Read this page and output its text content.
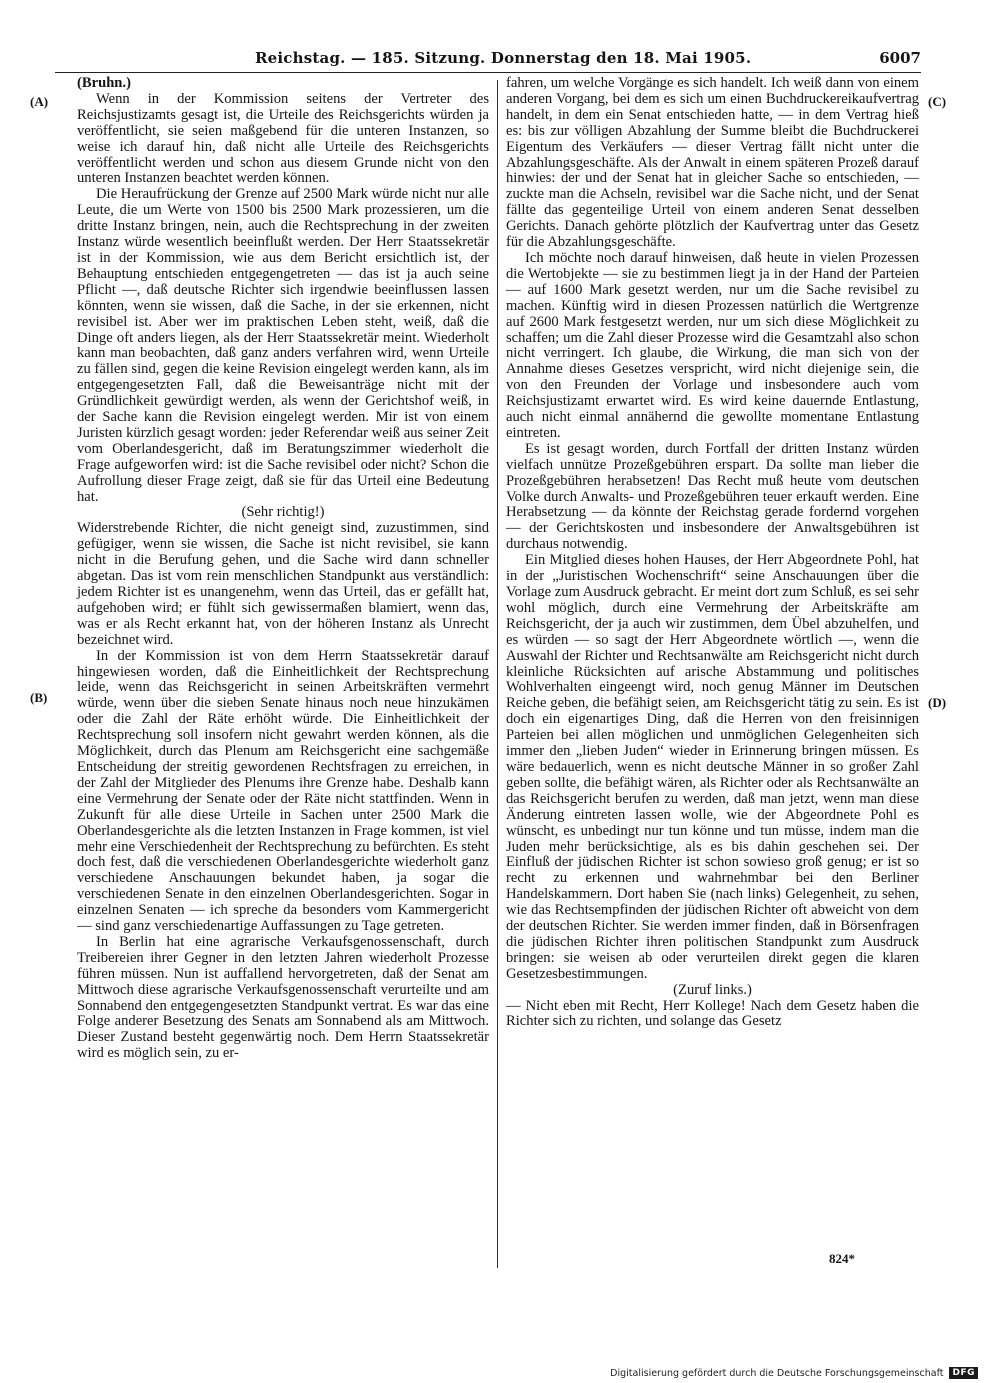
Reichstag. — 185. Sitzung. Donnerstag den 18. Mai 1905.	6007
(A)
(B)
(C)
(D)

(Bruhn.)

Wenn in der Kommission seitens der Vertreter des Reichsjustizamts gesagt ist, die Urteile des Reichsgerichts würden ja veröffentlicht, sie seien maßgebend für die unteren Instanzen, so weise ich darauf hin, daß nicht alle Urteile des Reichsgerichts veröffentlicht werden und schon aus diesem Grunde nicht von den unteren Instanzen beachtet werden können.

Die Heraufrückung der Grenze auf 2500 Mark würde nicht nur alle Leute, die um Werte von 1500 bis 2500 Mark prozessieren, um die dritte Instanz bringen, nein, auch die Rechtsprechung in der zweiten Instanz würde wesentlich beeinflußt werden. Der Herr Staatssekretär ist in der Kommission, wie aus dem Bericht ersichtlich ist, der Behauptung entschieden entgegengetreten — das ist ja auch seine Pflicht —, daß deutsche Richter sich irgendwie beeinflussen lassen könnten, wenn sie wissen, daß die Sache, in der sie erkennen, nicht revisibel ist. Aber wer im praktischen Leben steht, weiß, daß die Dinge oft anders liegen, als der Herr Staatssekretär meint. Wiederholt kann man beobachten, daß ganz anders verfahren wird, wenn Urteile zu fällen sind, gegen die keine Revision eingelegt werden kann, als im entgegengesetzten Fall, daß die Beweisanträge nicht mit der Gründlichkeit gewürdigt werden, als wenn der Gerichtshof weiß, in der Sache kann die Revision eingelegt werden. Mir ist von einem Juristen kürzlich gesagt worden: jeder Referendar weiß aus seiner Zeit vom Oberlandesgericht, daß im Beratungszimmer wiederholt die Frage aufgeworfen wird: ist die Sache revisibel oder nicht? Schon die Aufrollung dieser Frage zeigt, daß sie für das Urteil eine Bedeutung hat.

(Sehr richtig!)

Widerstrebende Richter, die nicht geneigt sind, zuzustimmen, sind gefügiger, wenn sie wissen, die Sache ist nicht revisibel, sie kann nicht in die Berufung gehen, und die Sache wird dann schneller abgetan. Das ist vom rein menschlichen Standpunkt aus verständlich: jedem Richter ist es unangenehm, wenn das Urteil, das er gefällt hat, aufgehoben wird; er fühlt sich gewissermaßen blamiert, wenn das, was er als Recht erkannt hat, von der höheren Instanz als Unrecht bezeichnet wird.

In der Kommission ist von dem Herrn Staatssekretär darauf hingewiesen worden, daß die Einheitlichkeit der Rechtsprechung leide, wenn das Reichsgericht in seinen Arbeitskräften vermehrt würde, wenn über die sieben Senate hinaus noch neue hinzukämen oder die Zahl der Räte erhöht würde. Die Einheitlichkeit der Rechtsprechung soll insofern nicht gewahrt werden können, als die Möglichkeit, durch das Plenum am Reichsgericht eine sachgemäße Entscheidung der streitig gewordenen Rechtsfragen zu erreichen, in der Zahl der Mitglieder des Plenums ihre Grenze habe. Deshalb kann eine Vermehrung der Senate oder der Räte nicht stattfinden. Wenn in Zukunft für alle diese Urteile in Sachen unter 2500 Mark die Oberlandesgerichte als die letzten Instanzen in Frage kommen, ist viel mehr eine Verschiedenheit der Rechtsprechung zu befürchten. Es steht doch fest, daß die verschiedenen Oberlandesgerichte wiederholt ganz verschiedene Anschauungen bekundet haben, ja sogar die verschiedenen Senate in den einzelnen Oberlandesgerichten. Sogar in einzelnen Senaten — ich spreche da besonders vom Kammergericht — sind ganz verschiedenartige Auffassungen zu Tage getreten.

In Berlin hat eine agrarische Verkaufsgenossenschaft, durch Treibereien ihrer Gegner in den letzten Jahren wiederholt Prozesse führen müssen. Nun ist auffallend hervorgetreten, daß der Senat am Mittwoch diese agrarische Verkaufsgenossenschaft verurteilte und am Sonnabend den entgegengesetzten Standpunkt vertrat. Es war das eine Folge anderer Besetzung des Senats am Sonnabend als am Mittwoch. Dieser Zustand besteht gegenwärtig noch. Dem Herrn Staatssekretär wird es möglich sein, zu er-

fahren, um welche Vorgänge es sich handelt. Ich weiß dann von einem anderen Vorgang, bei dem es sich um einen Buchdruckereikaufvertrag handelt, in dem ein Senat entschieden hatte, — in dem Vertrag hieß es: bis zur völligen Abzahlung der Summe bleibt die Buchdruckerei Eigentum des Verkäufers — dieser Vertrag fällt nicht unter die Abzahlungsgeschäfte. Als der Anwalt in einem späteren Prozeß darauf hinwies: der und der Senat hat in gleicher Sache so entschieden, — zuckte man die Achseln, revisibel war die Sache nicht, und der Senat fällte das gegenteilige Urteil von einem anderen Senat desselben Gerichts. Danach gehörte plötzlich der Kaufvertrag unter das Gesetz für die Abzahlungsgeschäfte.

Ich möchte noch darauf hinweisen, daß heute in vielen Prozessen die Wertobjekte — sie zu bestimmen liegt ja in der Hand der Parteien — auf 1600 Mark gesetzt werden, nur um die Sache revisibel zu machen. Künftig wird in diesen Prozessen natürlich die Wertgrenze auf 2600 Mark festgesetzt werden, nur um sich diese Möglichkeit zu schaffen; um die Zahl dieser Prozesse wird die Gesamtzahl also schon nicht verringert. Ich glaube, die Wirkung, die man sich von der Annahme dieses Gesetzes verspricht, wird nicht diejenige sein, die von den Freunden der Vorlage und insbesondere auch vom Reichsjustizamt erwartet wird. Es wird keine dauernde Entlastung, auch nicht einmal annähernd die gewollte momentane Entlastung eintreten.

Es ist gesagt worden, durch Fortfall der dritten Instanz würden vielfach unnütze Prozeßgebühren erspart. Da sollte man lieber die Prozeßgebühren herabsetzen! Das Recht muß heute vom deutschen Volke durch Anwalts- und Prozeßgebühren teuer erkauft werden. Eine Herabsetzung — da könnte der Reichstag gerade fordernd vorgehen — der Gerichtskosten und insbesondere der Anwaltsgebühren ist durchaus notwendig.

Ein Mitglied dieses hohen Hauses, der Herr Abgeordnete Pohl, hat in der „Juristischen Wochenschrift“ seine Anschauungen über die Vorlage zum Ausdruck gebracht. Er meint dort zum Schluß, es sei sehr wohl möglich, durch eine Vermehrung der Arbeitskräfte am Reichsgericht, der ja auch wir zustimmen, dem Übel abzuhelfen, und es würden — so sagt der Herr Abgeordnete wörtlich —, wenn die Auswahl der Richter und Rechtsanwälte am Reichsgericht nicht durch kleinliche Rücksichten auf arische Abstammung und politisches Wohlverhalten eingeengt wird, noch genug Männer im Deutschen Reiche geben, die befähigt seien, am Reichsgericht tätig zu sein. Es ist doch ein eigenartiges Ding, daß die Herren von den freisinnigen Parteien bei allen möglichen und unmöglichen Gelegenheiten sich immer den „lieben Juden“ wieder in Erinnerung bringen müssen. Es wäre bedauerlich, wenn es nicht deutsche Männer in so großer Zahl geben sollte, die befähigt wären, als Richter oder als Rechtsanwälte an das Reichsgericht berufen zu werden, daß man jetzt, wenn man diese Änderung eintreten lassen wolle, wie der Abgeordnete Pohl es wünscht, es unbedingt nur tun könne und tun müsse, indem man die Juden mehr berücksichtige, als es bis dahin geschehen sei. Der Einfluß der jüdischen Richter ist schon sowieso groß genug; er ist so recht zu erkennen und wahrnehmbar bei den Berliner Handelskammern. Dort haben Sie (nach links) Gelegenheit, zu sehen, wie das Rechtsempfinden der jüdischen Richter oft abweicht von dem der deutschen Richter. Sie werden immer finden, daß in Börsenfragen die jüdischen Richter ihren politischen Standpunkt zum Ausdruck bringen: sie weisen ab oder verurteilen direkt gegen die klaren Gesetzesbestimmungen.

(Zuruf links.)

— Nicht eben mit Recht, Herr Kollege! Nach dem Gesetz haben die Richter sich zu richten, und solange das Gesetz

824*
Digitalisierung gefördert durch die Deutsche Forschungsgemeinschaft	DFG
